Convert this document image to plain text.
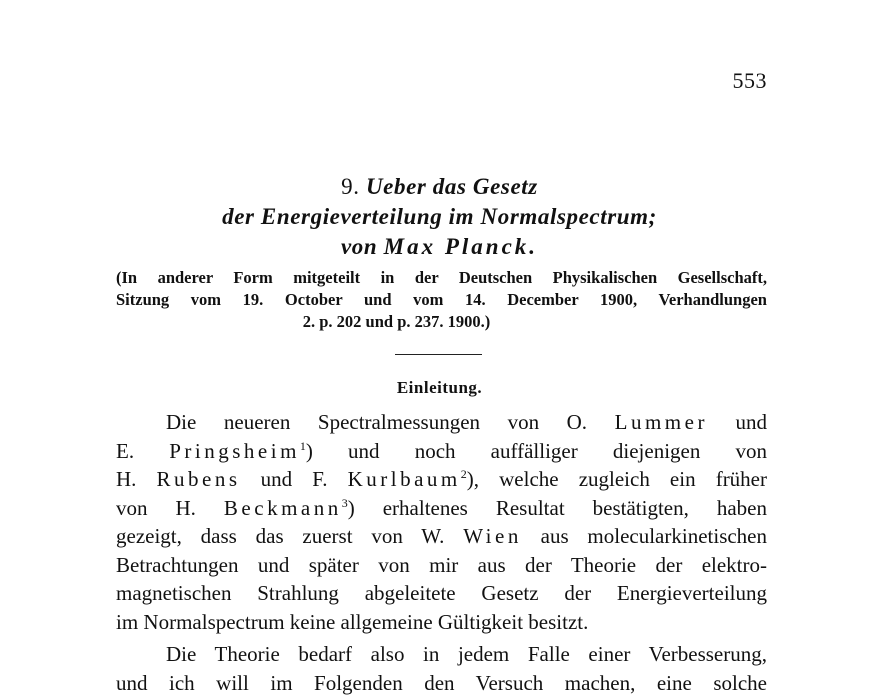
553
9. Ueber das Gesetz
der Energieverteilung im Normalspectrum;
von Max Planck.
(In anderer Form mitgeteilt in der Deutschen Physikalischen Gesellschaft,
Sitzung vom 19. October und vom 14. December 1900, Verhandlungen
2. p. 202 und p. 237. 1900.)
Einleitung.
Die neueren Spectralmessungen von O. Lummer und
E. Pringsheim$^1$) und noch auffälliger diejenigen von
H. Rubens und F. Kurlbaum$^2$), welche zugleich ein früher
von H. Beckmann$^3$) erhaltenes Resultat bestätigten, haben
gezeigt, dass das zuerst von W. Wien aus molecularkinetischen
Betrachtungen und später von mir aus der Theorie der elektro-
magnetischen Strahlung abgeleitete Gesetz der Energieverteilung
im Normalspectrum keine allgemeine Gültigkeit besitzt.
Die Theorie bedarf also in jedem Falle einer Verbesserung,
und ich will im Folgenden den Versuch machen, eine solche
